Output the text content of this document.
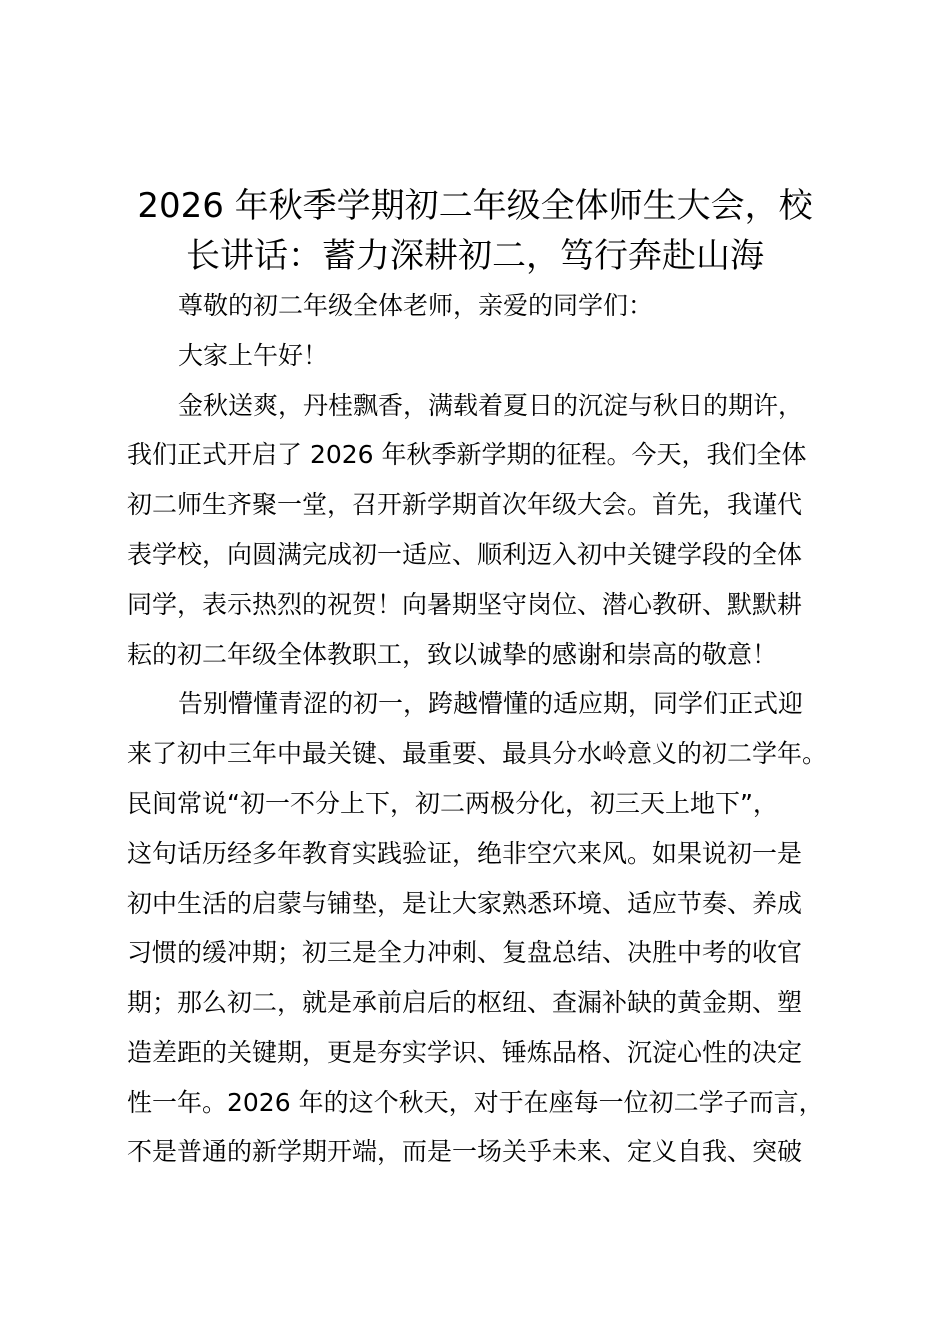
2026 年秋季学期初二年级全体师生大会，校
长讲话：蓄力深耕初二，笃行奔赴山海

尊敬的初二年级全体老师，亲爱的同学们：

大家上午好！

金秋送爽，丹桂飘香，满载着夏日的沉淀与秋日的期许，

我们正式开启了 2026 年秋季新学期的征程。今天，我们全体

初二师生齐聚一堂，召开新学期首次年级大会。首先，我谨代

表学校，向圆满完成初一适应、顺利迈入初中关键学段的全体

同学，表示热烈的祝贺！向暑期坚守岗位、潜心教研、默默耕

耘的初二年级全体教职工，致以诚挚的感谢和崇高的敬意！

告别懵懂青涩的初一，跨越懵懂的适应期，同学们正式迎

来了初中三年中最关键、最重要、最具分水岭意义的初二学年。

民间常说“初一不分上下，初二两极分化，初三天上地下”，

这句话历经多年教育实践验证，绝非空穴来风。如果说初一是

初中生活的启蒙与铺垫，是让大家熟悉环境、适应节奏、养成

习惯的缓冲期；初三是全力冲刺、复盘总结、决胜中考的收官

期；那么初二，就是承前启后的枢纽、查漏补缺的黄金期、塑

造差距的关键期，更是夯实学识、锤炼品格、沉淀心性的决定

性一年。2026 年的这个秋天，对于在座每一位初二学子而言，

不是普通的新学期开端，而是一场关乎未来、定义自我、突破
